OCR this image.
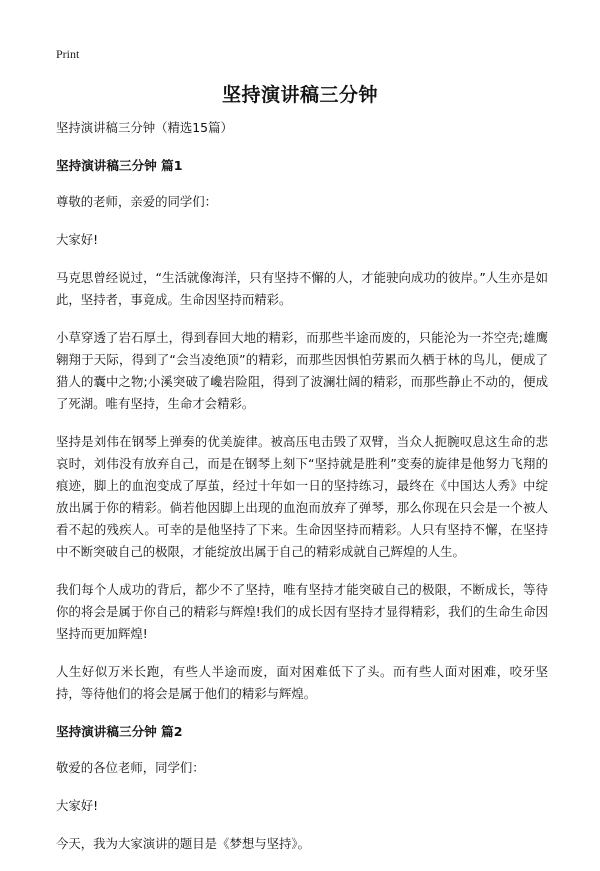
Print
坚持演讲稿三分钟

坚持演讲稿三分钟（精选15篇）

坚持演讲稿三分钟 篇1

尊敬的老师，亲爱的同学们：

大家好!

马克思曾经说过，“生活就像海洋，只有坚持不懈的人，才能驶向成功的彼岸。”人生亦是如此，坚持者，事竟成。生命因坚持而精彩。

小草穿透了岩石厚土，得到春回大地的精彩，而那些半途而废的，只能沦为一芥空壳;雄鹰翱翔于天际，得到了“会当凌绝顶”的精彩，而那些因惧怕劳累而久栖于林的鸟儿，便成了猎人的囊中之物;小溪突破了巉岩险阻，得到了波澜壮阔的精彩，而那些静止不动的，便成了死湖。唯有坚持，生命才会精彩。

坚持是刘伟在钢琴上弹奏的优美旋律。被高压电击毁了双臂，当众人扼腕叹息这生命的悲哀时，刘伟没有放弃自己，而是在钢琴上刻下“坚持就是胜利”变奏的旋律是他努力飞翔的痕迹，脚上的血泡变成了厚茧，经过十年如一日的坚持练习，最终在《中国达人秀》中绽放出属于你的精彩。倘若他因脚上出现的血泡而放弃了弹琴，那么你现在只会是一个被人看不起的残疾人。可幸的是他坚持了下来。生命因坚持而精彩。人只有坚持不懈，在坚持中不断突破自己的极限，才能绽放出属于自己的精彩成就自己辉煌的人生。

我们每个人成功的背后，都少不了坚持，唯有坚持才能突破自己的极限，不断成长，等待你的将会是属于你自己的精彩与辉煌!我们的成长因有坚持才显得精彩，我们的生命生命因坚持而更加辉煌!

人生好似万米长跑，有些人半途而废，面对困难低下了头。而有些人面对困难，咬牙坚持，等待他们的将会是属于他们的精彩与辉煌。

坚持演讲稿三分钟 篇2

敬爱的各位老师，同学们：

大家好!

今天，我为大家演讲的题目是《梦想与坚持》。
